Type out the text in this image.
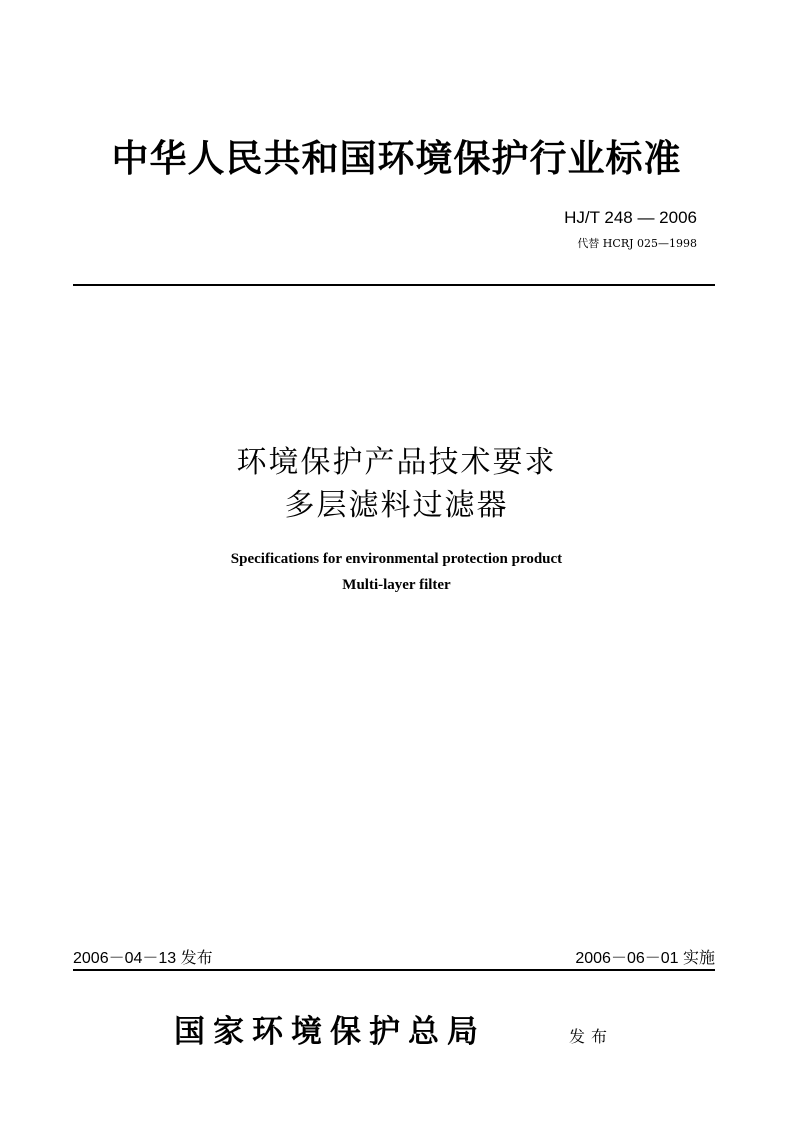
中华人民共和国环境保护行业标准
HJ/T 248 — 2006
代替 HCRJ 025—1998
环境保护产品技术要求
多层滤料过滤器
Specifications for environmental protection product
Multi-layer filter
2006－04－13 发布	2006－06－01 实施
国家环境保护总局	发布
